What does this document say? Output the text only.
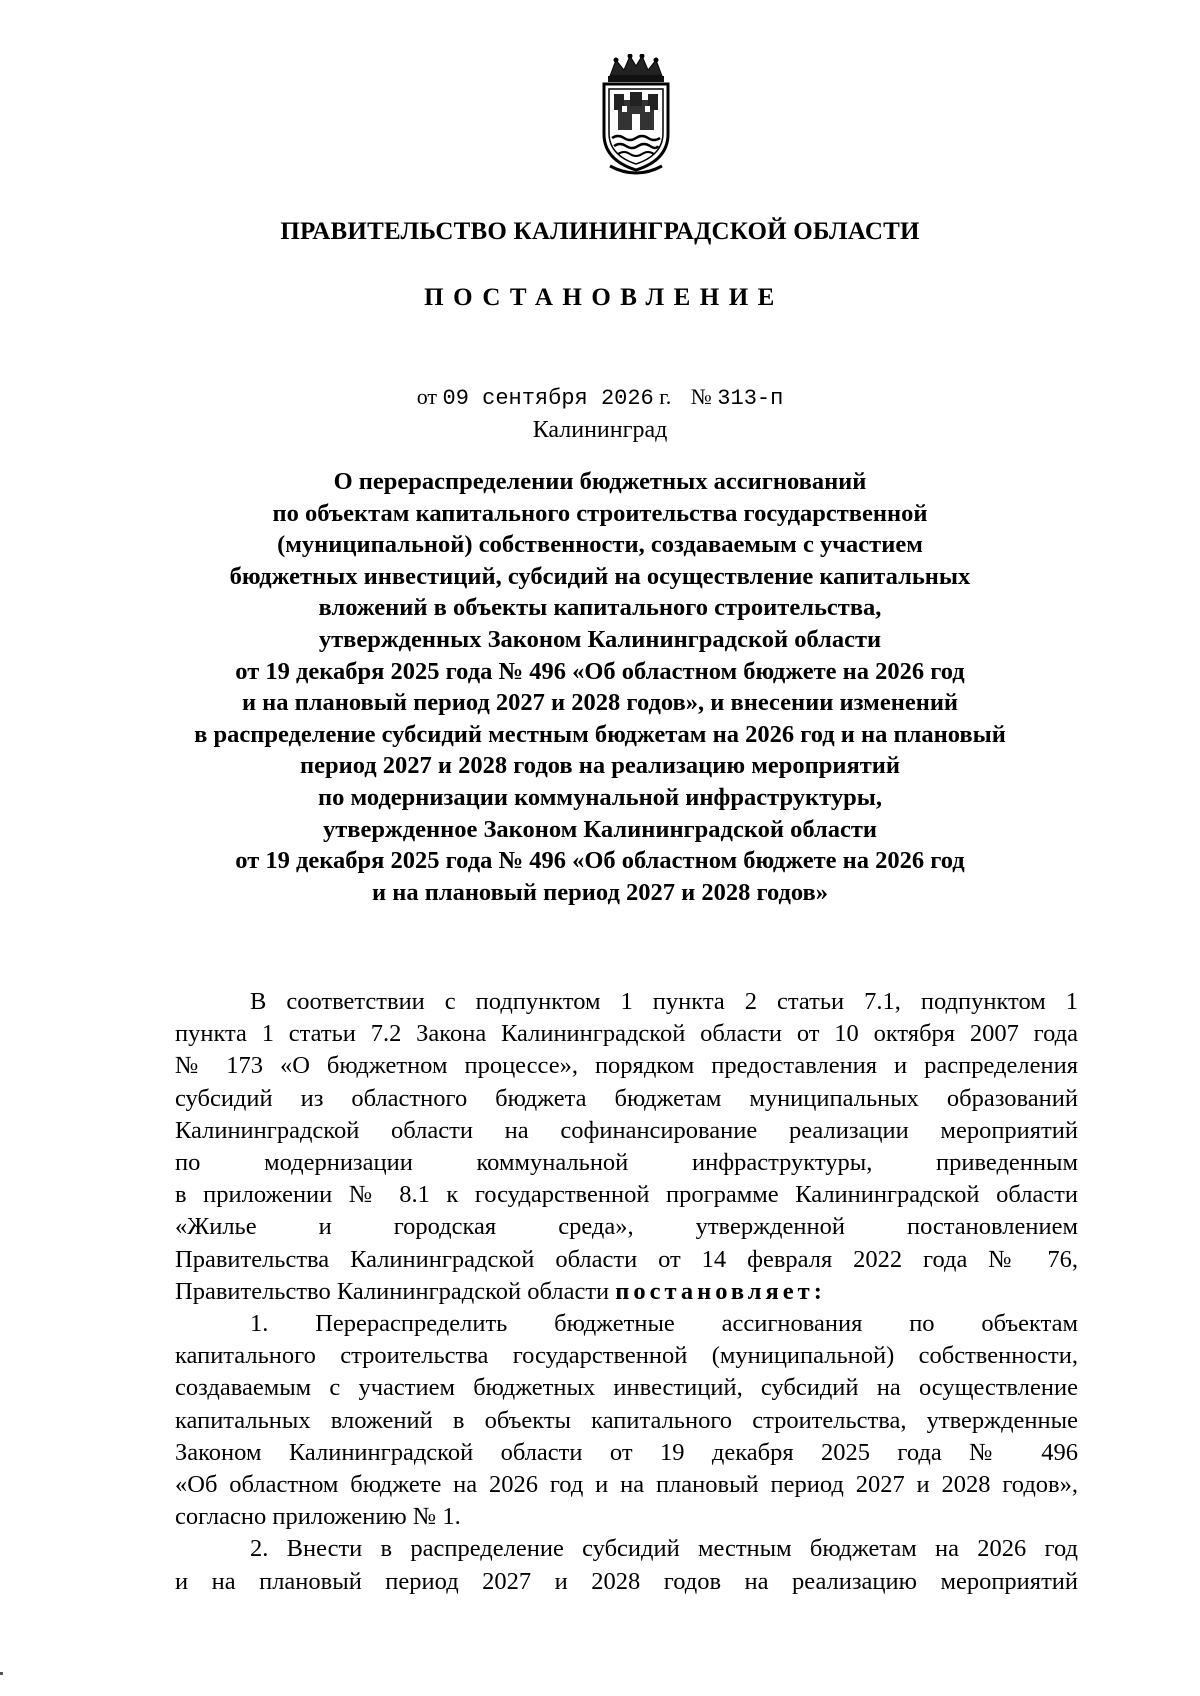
ПРАВИТЕЛЬСТВО КАЛИНИНГРАДСКОЙ ОБЛАСТИ
ПОСТАНОВЛЕНИЕ
от 09 сентября 2026 г. № 313-п
Калининград
О перераспределении бюджетных ассигнований
по объектам капитального строительства государственной
(муниципальной) собственности, создаваемым с участием
бюджетных инвестиций, субсидий на осуществление капитальных
вложений в объекты капитального строительства,
утвержденных Законом Калининградской области
от 19 декабря 2025 года № 496 «Об областном бюджете на 2026 год
и на плановый период 2027 и 2028 годов», и внесении изменений
в распределение субсидий местным бюджетам на 2026 год и на плановый
период 2027 и 2028 годов на реализацию мероприятий
по модернизации коммунальной инфраструктуры,
утвержденное Законом Калининградской области
от 19 декабря 2025 года № 496 «Об областном бюджете на 2026 год
и на плановый период 2027 и 2028 годов»
В соответствии с подпунктом 1 пункта 2 статьи 7.1, подпунктом 1
пункта 1 статьи 7.2 Закона Калининградской области от 10 октября 2007 года
№ 173 «О бюджетном процессе», порядком предоставления и распределения
субсидий из областного бюджета бюджетам муниципальных образований
Калининградской области на софинансирование реализации мероприятий
по модернизации коммунальной инфраструктуры, приведенным
в приложении № 8.1 к государственной программе Калининградской области
«Жилье и городская среда», утвержденной постановлением
Правительства Калининградской области от 14 февраля 2022 года № 76,
Правительство Калининградской области постановляет:
1. Перераспределить бюджетные ассигнования по объектам
капитального строительства государственной (муниципальной) собственности,
создаваемым с участием бюджетных инвестиций, субсидий на осуществление
капитальных вложений в объекты капитального строительства, утвержденные
Законом Калининградской области от 19 декабря 2025 года № 496
«Об областном бюджете на 2026 год и на плановый период 2027 и 2028 годов»,
согласно приложению № 1.
2. Внести в распределение субсидий местным бюджетам на 2026 год
и на плановый период 2027 и 2028 годов на реализацию мероприятий
